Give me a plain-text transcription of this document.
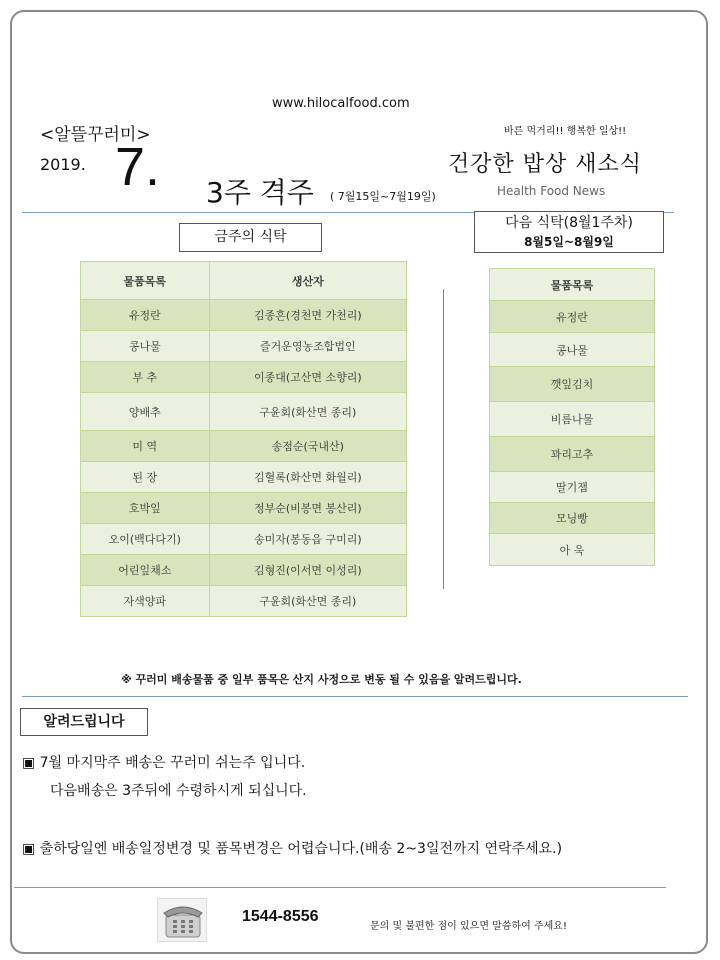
www.hilocalfood.com
<알뜰꾸러미>	바른 먹거리!! 행복한 일상!!
2019. 7. 3주 격주 ( 7월15일~7월19일)
건강한 밥상 새소식
Health Food News
금주의 식탁
다음 식탁(8월1주차)
8월5일~8월9일
물품목록	생산자
유정란	김종흔(경천면 가천리)
콩나물	즐거운영농조합법인
부 추	이종대(고산면 소향리)
양배추	구윤회(화산면 종리)
미 역	송점순(국내산)
된 장	김혈록(화산면 화월리)
호박잎	정부순(비봉면 봉산리)
오이(백다다기)	송미자(봉동읍 구미리)
어린잎채소	김형진(이서면 이성리)
자색양파	구윤회(화산면 종리)
물품목록
유정란
콩나물
깻잎김치
비름나물
꽈리고추
딸기잼
모닝빵
아 욱
※ 꾸러미 배송물품 중 일부 품목은 산지 사정으로 변동 될 수 있음을 알려드립니다.
알려드립니다
▣ 7월 마지막주 배송은 꾸러미 쉬는주 입니다.
다음배송은 3주뒤에 수령하시게 되십니다.
▣ 출하당일엔 배송일정변경 및 품목변경은 어렵습니다.(배송 2~3일전까지 연락주세요.)
1544-8556
문의 및 불편한 점이 있으면 말씀하여 주세요!
